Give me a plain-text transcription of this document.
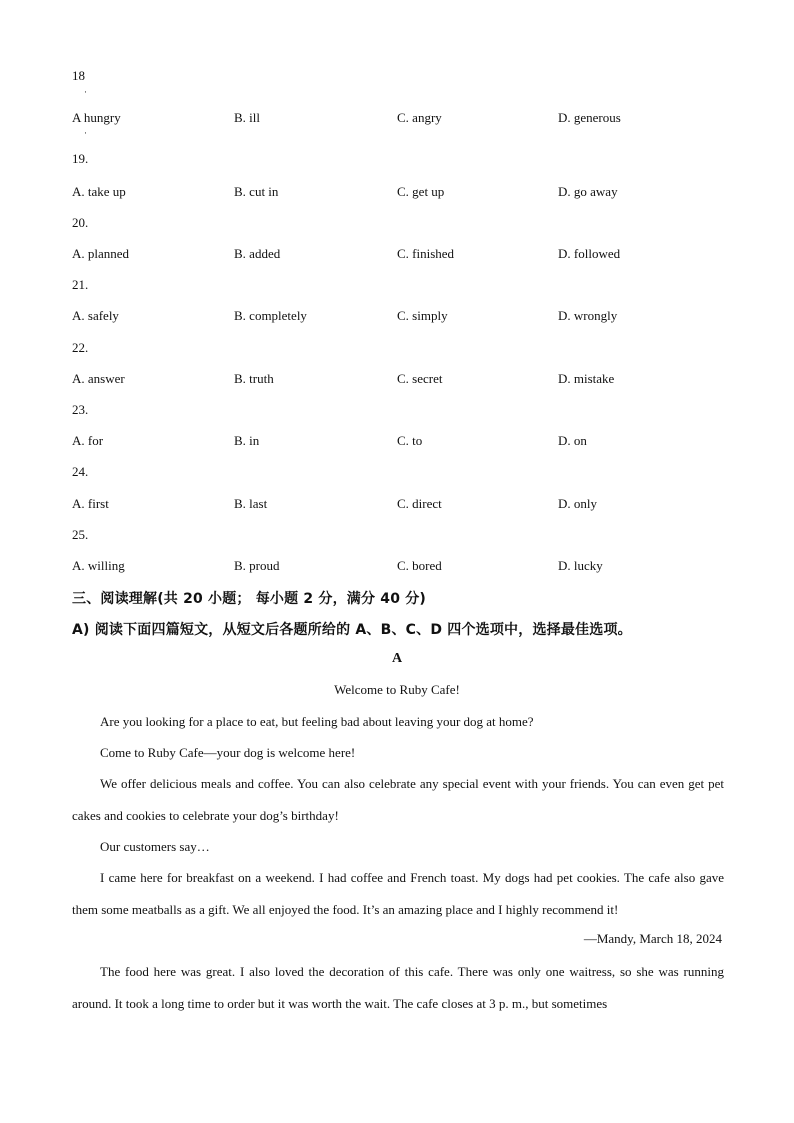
18
·
A hungry	B. ill	C. angry	D. generous
·
19.
A. take up	B. cut in	C. get up	D. go away
20.
A. planned	B. added	C. finished	D. followed
21.
A. safely	B. completely	C. simply	D. wrongly
22.
A. answer	B. truth	C. secret	D. mistake
23.
A. for	B. in	C. to	D. on
24.
A. first	B. last	C. direct	D. only
25.
A. willing	B. proud	C. bored	D. lucky
三、阅读理解(共 20 小题； 每小题 2 分，满分 40 分)
A) 阅读下面四篇短文，从短文后各题所给的 A、B、C、D 四个选项中，选择最佳选项。
A
Welcome to Ruby Cafe!

Are you looking for a place to eat, but feeling bad about leaving your dog at home?

Come to Ruby Cafe—your dog is welcome here!

We offer delicious meals and coffee. You can also celebrate any special event with your friends. You can even get pet cakes and cookies to celebrate your dog’s birthday!

Our customers say…

I came here for breakfast on a weekend. I had coffee and French toast. My dogs had pet cookies. The cafe also gave them some meatballs as a gift. We all enjoyed the food. It’s an amazing place and I highly recommend it!

—Mandy, March 18, 2024

The food here was great. I also loved the decoration of this cafe. There was only one waitress, so she was running around. It took a long time to order but it was worth the wait. The cafe closes at 3 p. m., but sometimes
